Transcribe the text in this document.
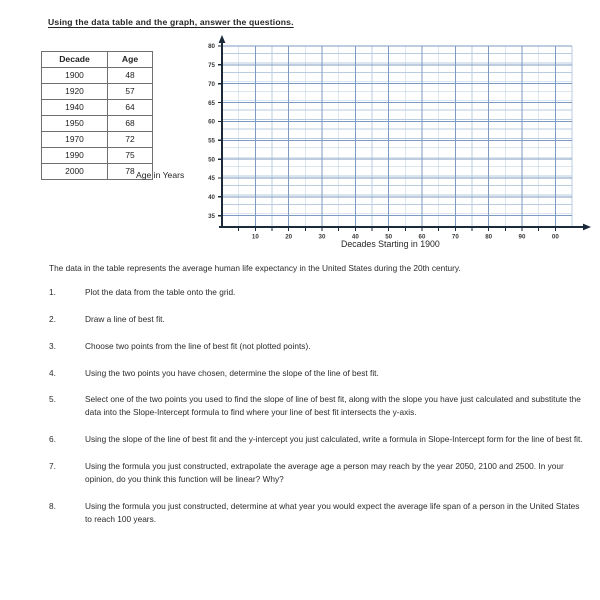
Using the data table and the graph, answer the questions.
Decade	Age
1900	48
1920	57
1940	64
1950	68
1970	72
1990	75
2000	78
35
40
45
50
55
60
65
70
75
80
10	20	30	40	50	60	70	80	90	00
Age in Years
Decades Starting in 1900
The data in the table represents the average human life expectancy in the United States during the 20th century.
1.	Plot the data from the table onto the grid.
2.	Draw a line of best fit.
3.	Choose two points from the line of best fit (not plotted points).
4.	Using the two points you have chosen, determine the slope of the line of best fit.
5.	Select one of the two points you used to find the slope of line of best fit, along with the slope you have just calculated and substitute the data into the Slope-Intercept formula to find where your line of best fit intersects the y-axis.
6.	Using the slope of the line of best fit and the y-intercept you just calculated, write a formula in Slope-Intercept form for the line of best fit.
7.	Using the formula you just constructed, extrapolate the average age a person may reach by the year 2050, 2100 and 2500. In your opinion, do you think this function will be linear? Why?
8.	Using the formula you just constructed, determine at what year you would expect the average life span of a person in the United States to reach 100 years.
